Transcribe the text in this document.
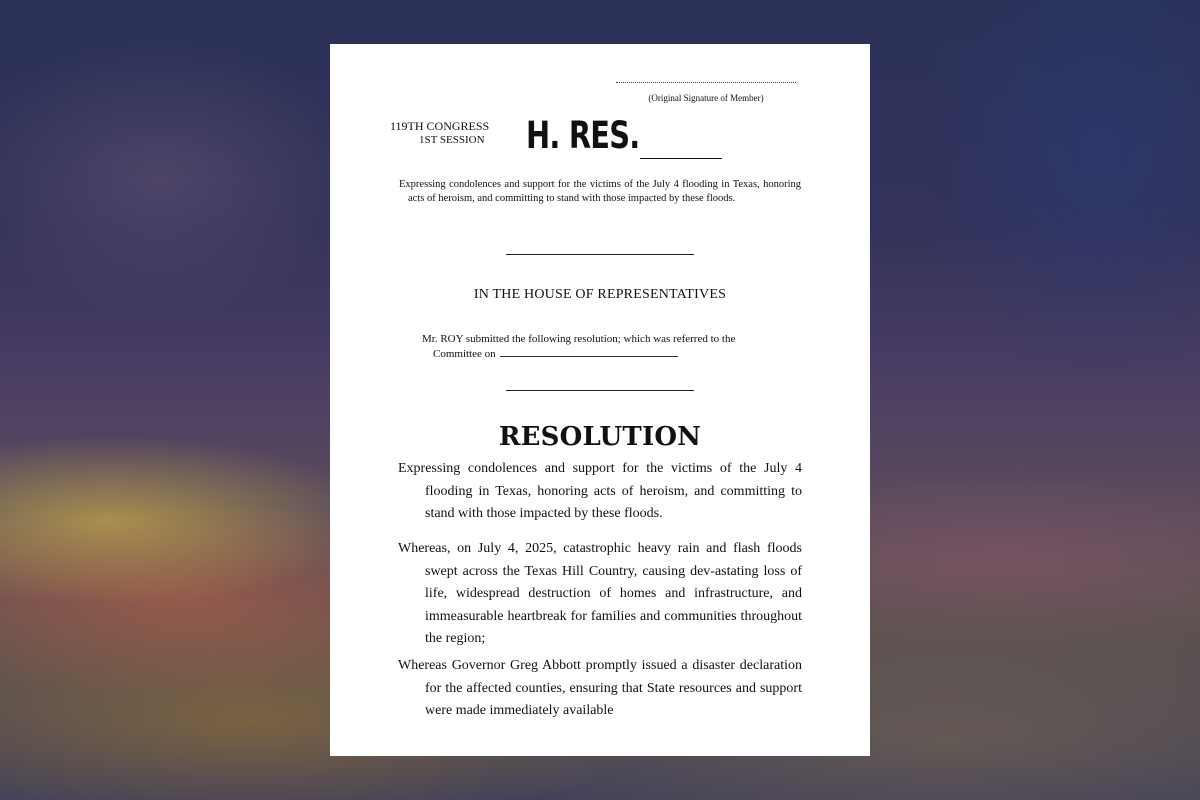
(Original Signature of Member)
119TH CONGRESS
1ST SESSION	H. RES.
Expressing condolences and support for the victims of the July 4 flooding in Texas, honoring acts of heroism, and committing to stand with those impacted by these floods.
IN THE HOUSE OF REPRESENTATIVES
Mr. ROY submitted the following resolution; which was referred to the
Committee on
RESOLUTION
Expressing condolences and support for the victims of the July 4 flooding in Texas, honoring acts of heroism, and committing to stand with those impacted by these floods.
Whereas, on July 4, 2025, catastrophic heavy rain and flash floods swept across the Texas Hill Country, causing dev-astating loss of life, widespread destruction of homes and infrastructure, and immeasurable heartbreak for families and communities throughout the region;
Whereas Governor Greg Abbott promptly issued a disaster declaration for the affected counties, ensuring that State resources and support were made immediately available
